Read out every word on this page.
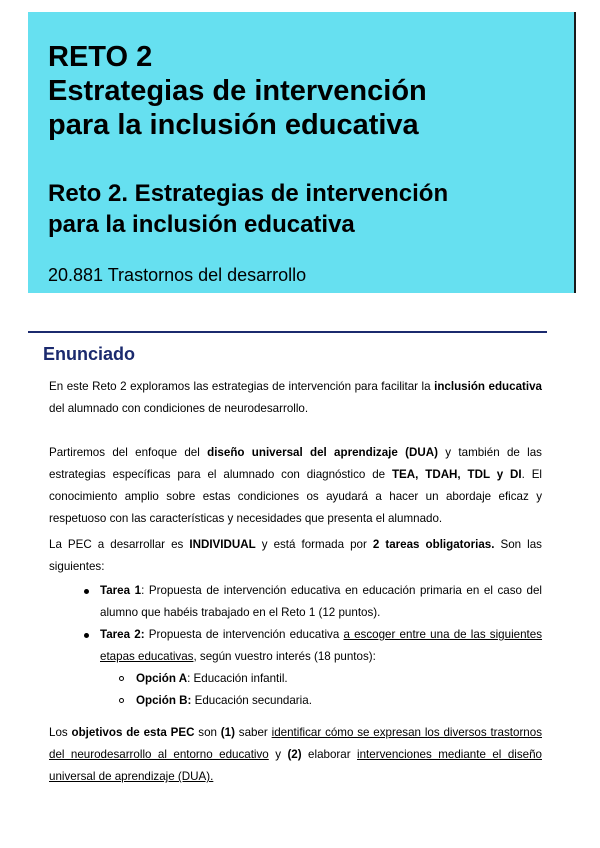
RETO 2
Estrategias de intervención
para la inclusión educativa
Reto 2. Estrategias de intervención
para la inclusión educativa
20.881 Trastornos del desarrollo
Enunciado

En este Reto 2 exploramos las estrategias de intervención para facilitar la inclusión educativa del alumnado con condiciones de neurodesarrollo.

Partiremos del enfoque del diseño universal del aprendizaje (DUA) y también de las estrategias específicas para el alumnado con diagnóstico de TEA, TDAH, TDL y DI. El conocimiento amplio sobre estas condiciones os ayudará a hacer un abordaje eficaz y respetuoso con las características y necesidades que presenta el alumnado.

La PEC a desarrollar es INDIVIDUAL y está formada por 2 tareas obligatorias. Son las siguientes:

Tarea 1: Propuesta de intervención educativa en educación primaria en el caso del alumno que habéis trabajado en el Reto 1 (12 puntos).
Tarea 2: Propuesta de intervención educativa a escoger entre una de las siguientes etapas educativas, según vuestro interés (18 puntos):
Opción A: Educación infantil.
Opción B: Educación secundaria.

Los objetivos de esta PEC son (1) saber identificar cómo se expresan los diversos trastornos del neurodesarrollo al entorno educativo y (2) elaborar intervenciones mediante el diseño universal de aprendizaje (DUA).
